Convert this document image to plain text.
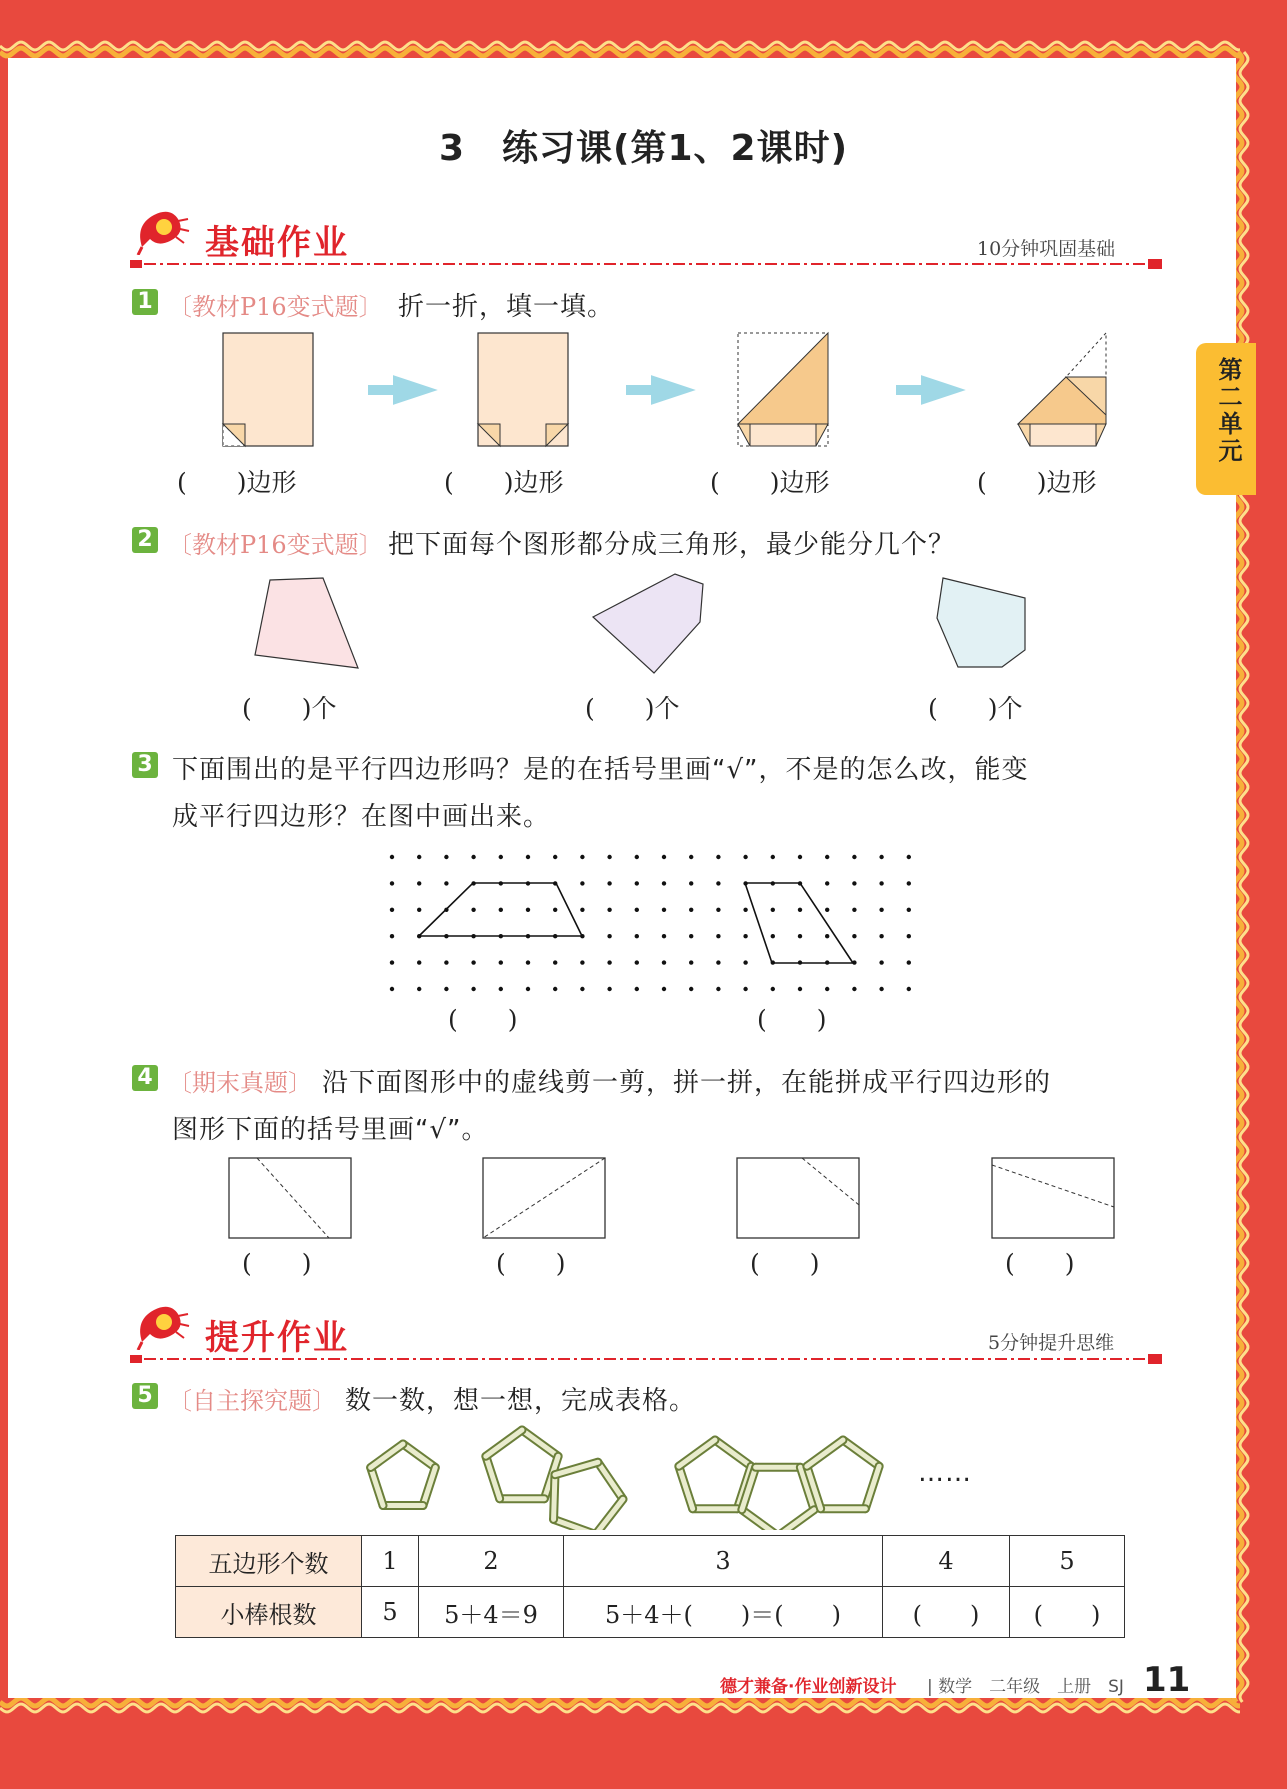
3　练习课(第1、2课时)
第二单元
基础作业	10分钟巩固基础
1 〔教材P16变式题〕 折一折，填一填。
(　　)边形	(　　)边形	(　　)边形	(　　)边形
2 〔教材P16变式题〕 把下面每个图形都分成三角形，最少能分几个？
(　　)个	(　　)个	(　　)个
3 下面围出的是平行四边形吗？是的在括号里画“√”，不是的怎么改，能变
成平行四边形？在图中画出来。
(　　)	(　　)
4 〔期末真题〕 沿下面图形中的虚线剪一剪，拼一拼，在能拼成平行四边形的
图形下面的括号里画“√”。
(　　)	(　　)	(　　)	(　　)
提升作业	5分钟提升思维
5 〔自主探究题〕 数一数，想一想，完成表格。
……
五边形个数	1	2	3	4	5
小棒根数	5	5＋4＝9	5＋4＋(　　)＝(　　)	(　　)	(　　)
德才兼备·作业创新设计 | 数学　二年级　上册　SJ 11
